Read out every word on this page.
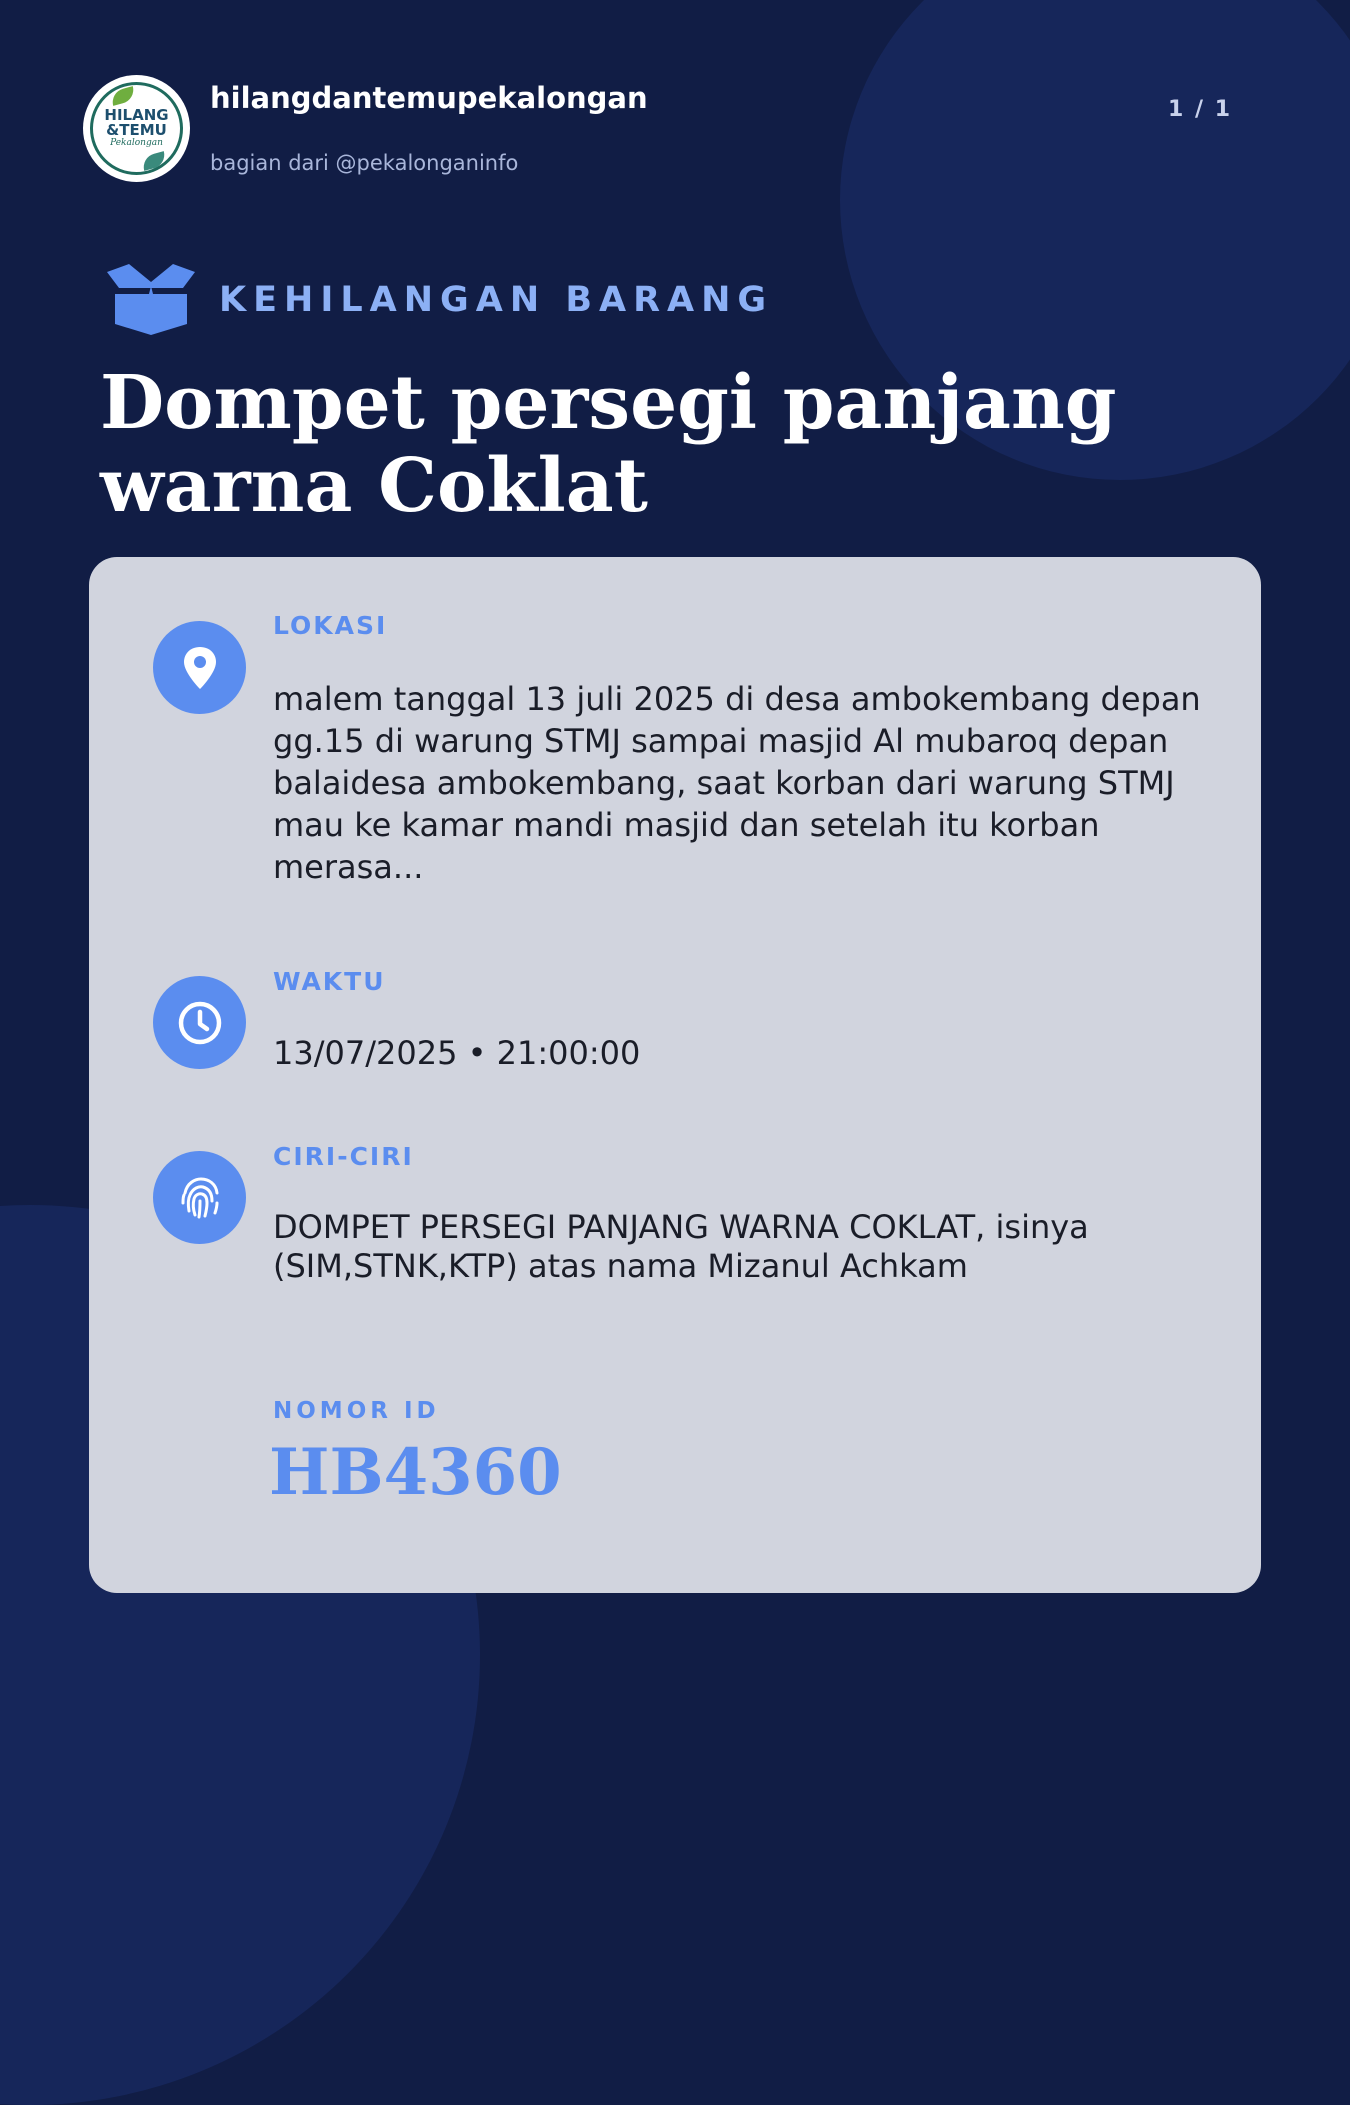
HILANG
&TEMU
Pekalongan
hilangdantemupekalongan
bagian dari @pekalonganinfo
1 / 1
KEHILANGAN BARANG
Dompet persegi panjang warna Coklat
LOKASI
malem tanggal 13 juli 2025 di desa ambokembang depan gg.15 di warung STMJ sampai masjid Al mubaroq depan balaidesa ambokembang, saat korban dari warung STMJ mau ke kamar mandi masjid dan setelah itu korban merasa...
WAKTU
13/07/2025 • 21:00:00
CIRI-CIRI
DOMPET PERSEGI PANJANG WARNA COKLAT, isinya (SIM,STNK,KTP) atas nama Mizanul Achkam
NOMOR ID
HB4360
